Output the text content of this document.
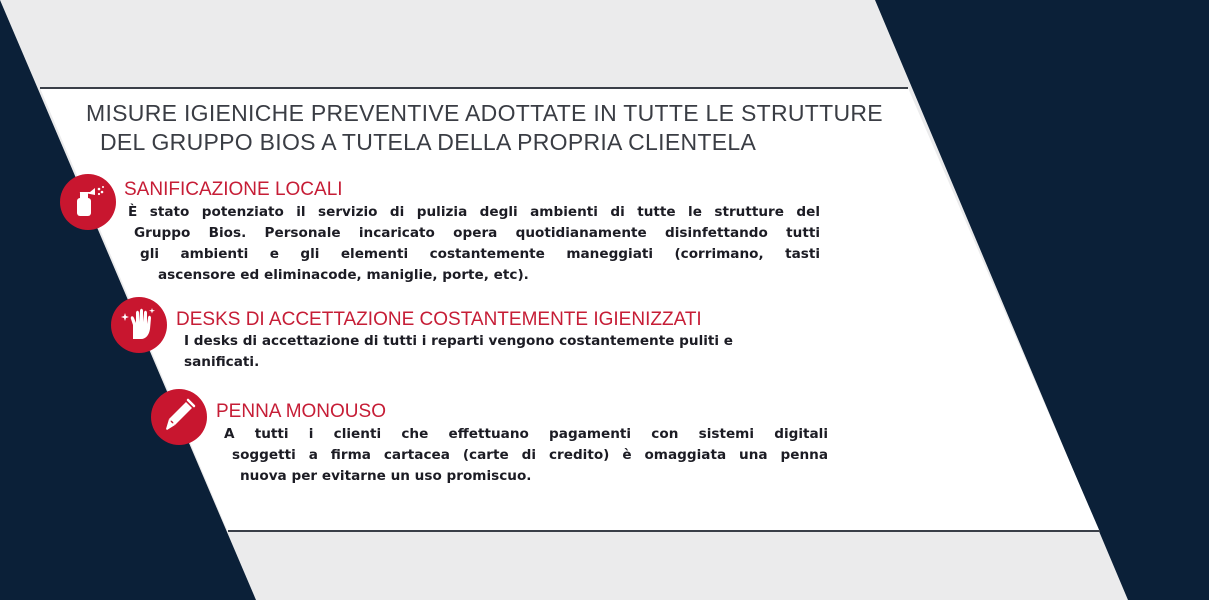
MISURE IGIENICHE PREVENTIVE ADOTTATE IN TUTTE LE STRUTTURE
DEL GRUPPO BIOS A TUTELA DELLA PROPRIA CLIENTELA
SANIFICAZIONE LOCALI
È stato potenziato il servizio di pulizia degli ambienti di tutte le strutture del
Gruppo Bios. Personale incaricato opera quotidianamente disinfettando tutti
gli ambienti e gli elementi costantemente maneggiati (corrimano, tasti
ascensore ed eliminacode, maniglie, porte, etc).
DESKS DI ACCETTAZIONE COSTANTEMENTE IGIENIZZATI
I desks di accettazione di tutti i reparti vengono costantemente puliti e
sanificati.
PENNA MONOUSO
A tutti i clienti che effettuano pagamenti con sistemi digitali
soggetti a firma cartacea (carte di credito) è omaggiata una penna
nuova per evitarne un uso promiscuo.
